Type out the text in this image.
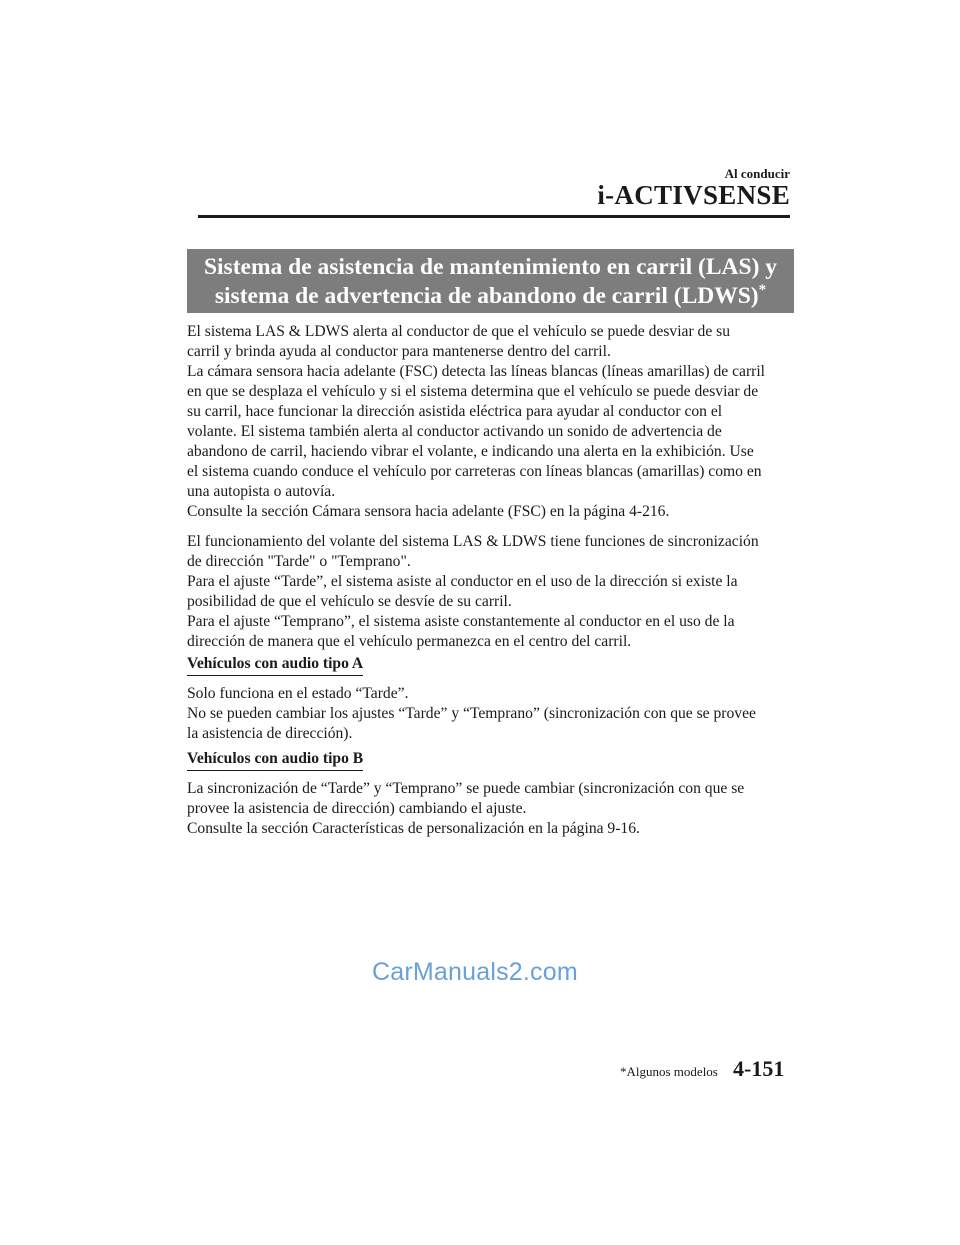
Al conducir
i-ACTIVSENSE
Sistema de asistencia de mantenimiento en carril (LAS) y
sistema de advertencia de abandono de carril (LDWS)*

El sistema LAS & LDWS alerta al conductor de que el vehículo se puede desviar de su

carril y brinda ayuda al conductor para mantenerse dentro del carril.

La cámara sensora hacia adelante (FSC) detecta las líneas blancas (líneas amarillas) de carril

en que se desplaza el vehículo y si el sistema determina que el vehículo se puede desviar de

su carril, hace funcionar la dirección asistida eléctrica para ayudar al conductor con el

volante. El sistema también alerta al conductor activando un sonido de advertencia de

abandono de carril, haciendo vibrar el volante, e indicando una alerta en la exhibición. Use

el sistema cuando conduce el vehículo por carreteras con líneas blancas (amarillas) como en

una autopista o autovía.

Consulte la sección Cámara sensora hacia adelante (FSC) en la página 4-216.

El funcionamiento del volante del sistema LAS & LDWS tiene funciones de sincronización

de dirección "Tarde" o "Temprano".

Para el ajuste “Tarde”, el sistema asiste al conductor en el uso de la dirección si existe la

posibilidad de que el vehículo se desvíe de su carril.

Para el ajuste “Temprano”, el sistema asiste constantemente al conductor en el uso de la

dirección de manera que el vehículo permanezca en el centro del carril.

Vehículos con audio tipo A

Solo funciona en el estado “Tarde”.

No se pueden cambiar los ajustes “Tarde” y “Temprano” (sincronización con que se provee

la asistencia de dirección).

Vehículos con audio tipo B

La sincronización de “Tarde” y “Temprano” se puede cambiar (sincronización con que se

provee la asistencia de dirección) cambiando el ajuste.

Consulte la sección Características de personalización en la página 9-16.

CarManuals2.com
*Algunos modelos 4-151
